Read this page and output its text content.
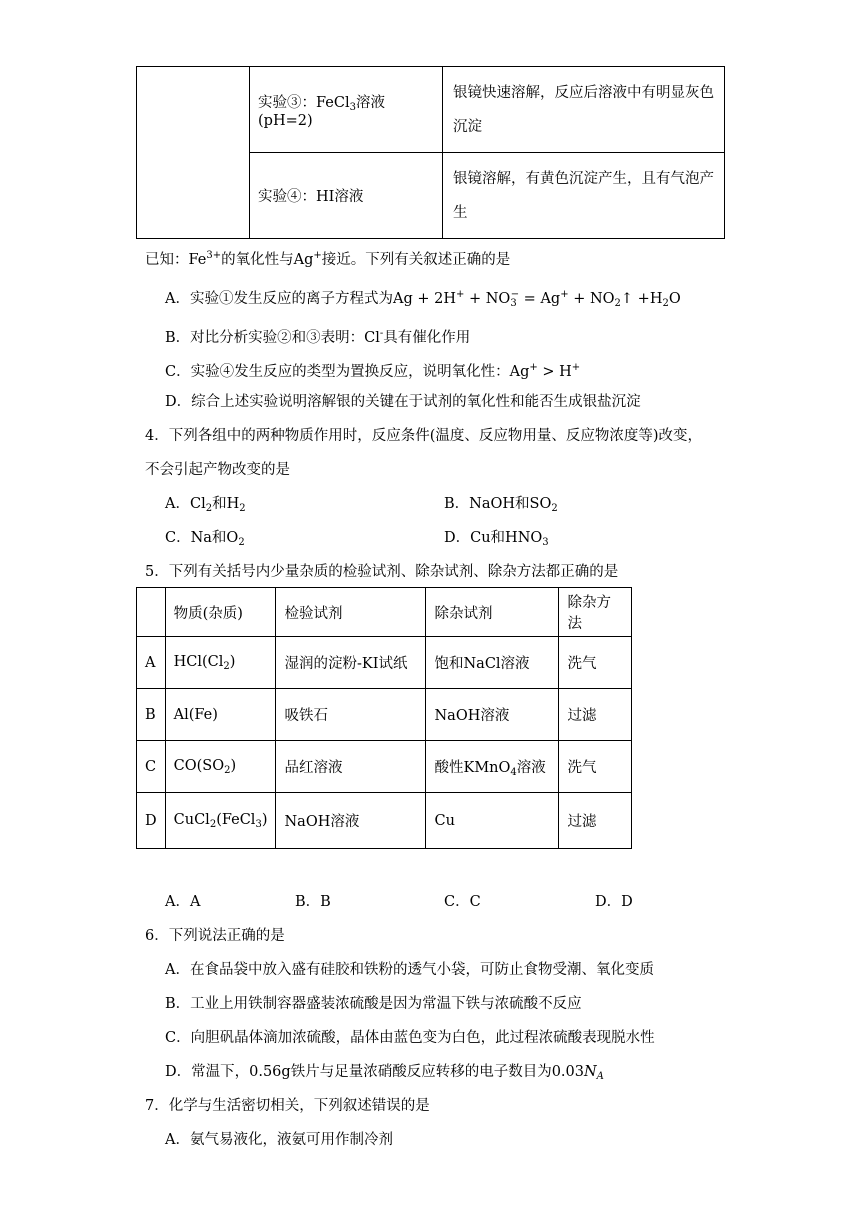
	实验③：FeCl$_3$溶液(pH=2)	银镜快速溶解，反应后溶液中有明显灰色
沉淀

	实验④：HI溶液	银镜溶解，有黄色沉淀产生，且有气泡产
生
已知：$Fe^{3+}$的氧化性与Ag+接近。下列有关叙述正确的是
A．实验①发生反应的离子方程式为$Ag + 2H^+ + NO_3^- = Ag^+$ + $NO_2↑ +H_2O$
B．对比分析实验②和③表明：Cl-具有催化作用
C．实验④发生反应的类型为置换反应，说明氧化性：Ag+ > H+
D．综合上述实验说明溶解银的关键在于试剂的氧化性和能否生成银盐沉淀
4．下列各组中的两种物质作用时，反应条件(温度、反应物用量、反应物浓度等)改变，
不会引起产物改变的是
A．$Cl_2$和$H_2$	B．NaOH和$SO_2$
C．Na和$O_2$	D．Cu和$HNO_3$
5．下列有关括号内少量杂质的检验试剂、除杂试剂、除杂方法都正确的是
	物质(杂质)	检验试剂	除杂试剂	除杂方法
A	$HCl(Cl_2)$	湿润的淀粉-KI试纸	饱和NaCl溶液	洗气
B	Al(Fe)	吸铁石	NaOH溶液	过滤
C	$CO(SO_2)$	品红溶液	酸性KMnO$_4$溶液	洗气
D	CuCl$_2$(FeCl$_3$)	NaOH溶液	Cu	过滤
A．A	B．B	C．C	D．D
6．下列说法正确的是
A．在食品袋中放入盛有硅胶和铁粉的透气小袋，可防止食物受潮、氧化变质
B．工业上用铁制容器盛装浓硫酸是因为常温下铁与浓硫酸不反应
C．向胆矾晶体滴加浓硫酸，晶体由蓝色变为白色，此过程浓硫酸表现脱水性
D．常温下，0.56g铁片与足量浓硝酸反应转移的电子数目为$0.03N_A$
7．化学与生活密切相关，下列叙述错误的是
A．氨气易液化，液氨可用作制冷剂
